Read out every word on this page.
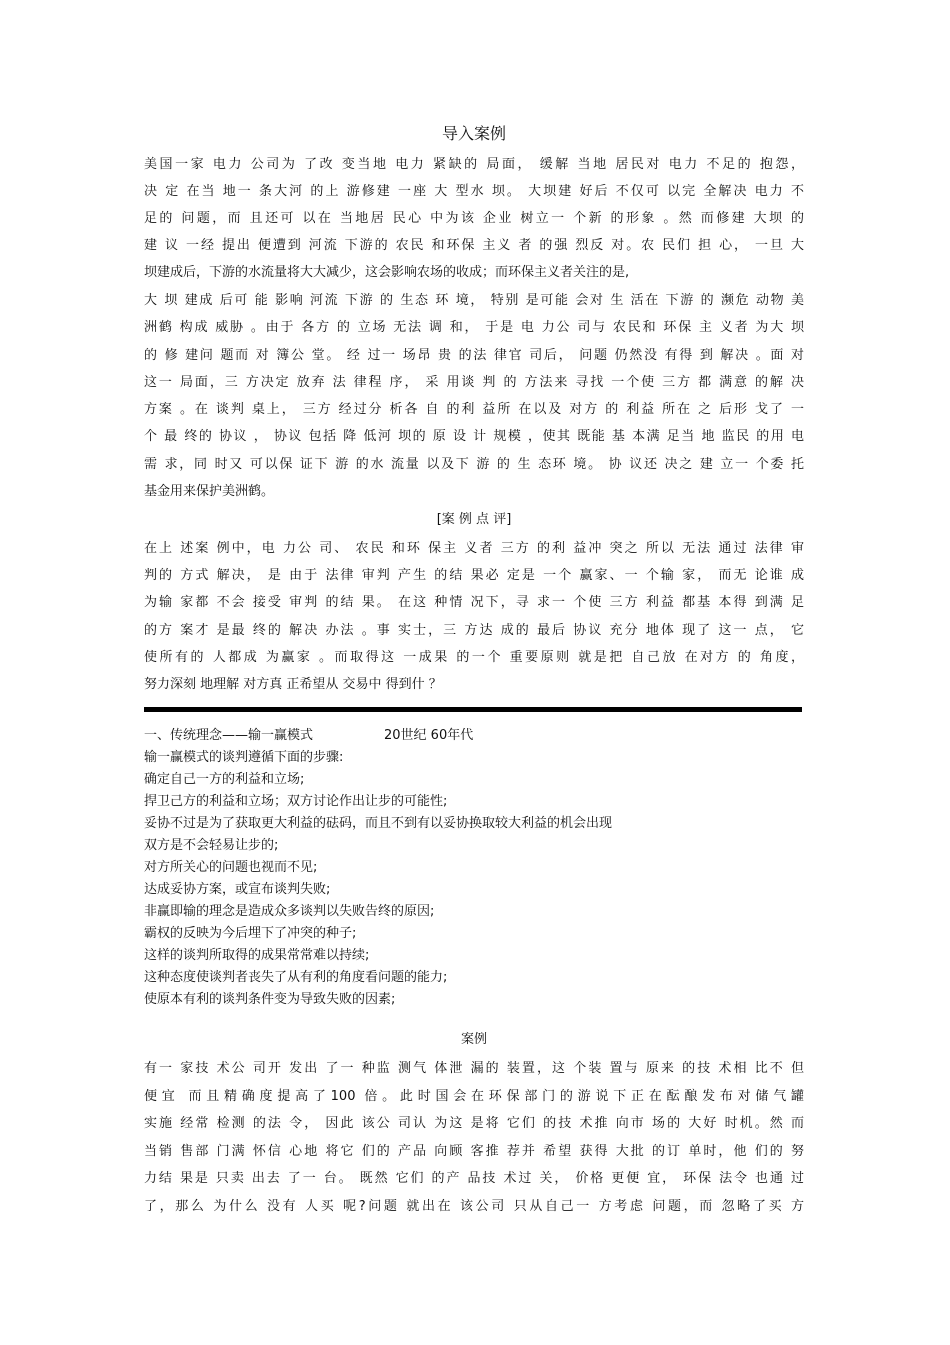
导入案例
美国一家 电力 公司为 了改 变当地 电力 紧缺的 局面， 缓解 当地 居民对 电力 不足的 抱怨，
决 定 在当 地一 条大河 的上 游修建 一座 大 型水 坝。 大坝建 好后 不仅可 以完 全解决 电力 不
足的 问题，而 且还可 以在 当地居 民心 中为该 企业 树立一 个新 的形象 。然 而修建 大坝 的
建 议 一经 提出 便遭到 河流 下游的 农民 和环保 主义 者 的强 烈反 对。农 民们 担 心， 一旦 大
坝建成后，下游的水流量将大大减少，这会影响农场的收成；而环保主义者关注的是,
大 坝 建成 后可 能 影响 河流 下游 的 生态 环 境， 特别 是可能 会对 生 活在 下游 的 濒危 动物 美
洲鹤 构成 威胁 。由于 各方 的 立场 无法 调 和， 于是 电 力公 司与 农民和 环保 主 义者 为大 坝
的 修 建问 题而 对 簿公 堂。 经 过一 场昂 贵 的法 律官 司后， 问题 仍然没 有得 到 解决 。面 对
这一 局面，三 方决定 放弃 法 律程 序， 采 用谈 判 的 方法来 寻找 一个使 三方 都 满意 的解 决
方案 。在 谈判 桌上， 三方 经过分 析各 自 的利 益所 在以及 对方 的 利益 所在 之 后形 戈了 一
个 最 终的 协议 ， 协议 包括 降 低河 坝的 原 设 计 规模 ，使其 既能 基 本满 足当 地 监民 的用 电
需 求，同 时又 可以保 证下 游 的水 流量 以及下 游 的 生 态环 境。 协 议还 决之 建 立一 个委 托
基金用来保护美洲鹤。
[案 例 点 评]
在上 述案 例中，电 力公 司、 农民 和环 保主 义者 三方 的利 益冲 突之 所以 无法 通过 法律 审
判的 方式 解决， 是 由于 法律 审判 产生 的结 果必 定是 一个 赢家、一 个输 家， 而无 论谁 成
为输 家都 不会 接受 审判 的结 果。 在这 种情 况下，寻 求一 个使 三方 利益 都基 本得 到满 足
的方 案才 是最 终的 解决 办法 。事 实士，三 方达 成的 最后 协议 充分 地体 现了 这一 点， 它
使所有的 人都成 为赢家 。而取得这 一成果 的一个 重要原则 就是把 自己放 在对方 的 角度，
努力深刻 地理解 对方真 正希望从 交易中 得到什 ？
一、传统理念——输一赢模式	20世纪 60年代
输一赢模式的谈判遵循下面的步骤:
确定自己一方的利益和立场;
捍卫己方的利益和立场；双方讨论作出让步的可能性;
妥协不过是为了获取更大利益的砝码，而且不到有以妥协换取较大利益的机会出现
双方是不会轻易让步的;
对方所关心的问题也视而不见;
达成妥协方案，或宣布谈判失败;
非赢即输的理念是造成众多谈判以失败告终的原因;
霸权的反映为今后埋下了冲突的种子;
这样的谈判所取得的成果常常难以持续;
这种态度使谈判者丧失了从有利的角度看问题的能力;
使原本有利的谈判条件变为导致失败的因素;
案例
有一 家技 术公 司开 发出 了一 种监 测气 体泄 漏的 装置，这 个装 置与 原来 的技 术相 比不 但
便宜 而且精确度提高了100 倍。此时国会在环保部门的游说下正在酝酿发布对储气罐
实施 经常 检测 的法 令， 因此 该公 司认 为这 是将 它们 的技 术推 向市 场的 大好 时机。然 而
当销 售部 门满 怀信 心地 将它 们的 产品 向顾 客推 荐并 希望 获得 大批 的订 单时，他 们的 努
力结 果是 只卖 出去 了一 台。 既然 它们 的产 品技 术过 关， 价格 更便 宜， 环保 法令 也通 过
了，那么 为什么 没有 人买 呢?问题 就出在 该公司 只从自己一 方考虑 问题，而 忽略了买 方
